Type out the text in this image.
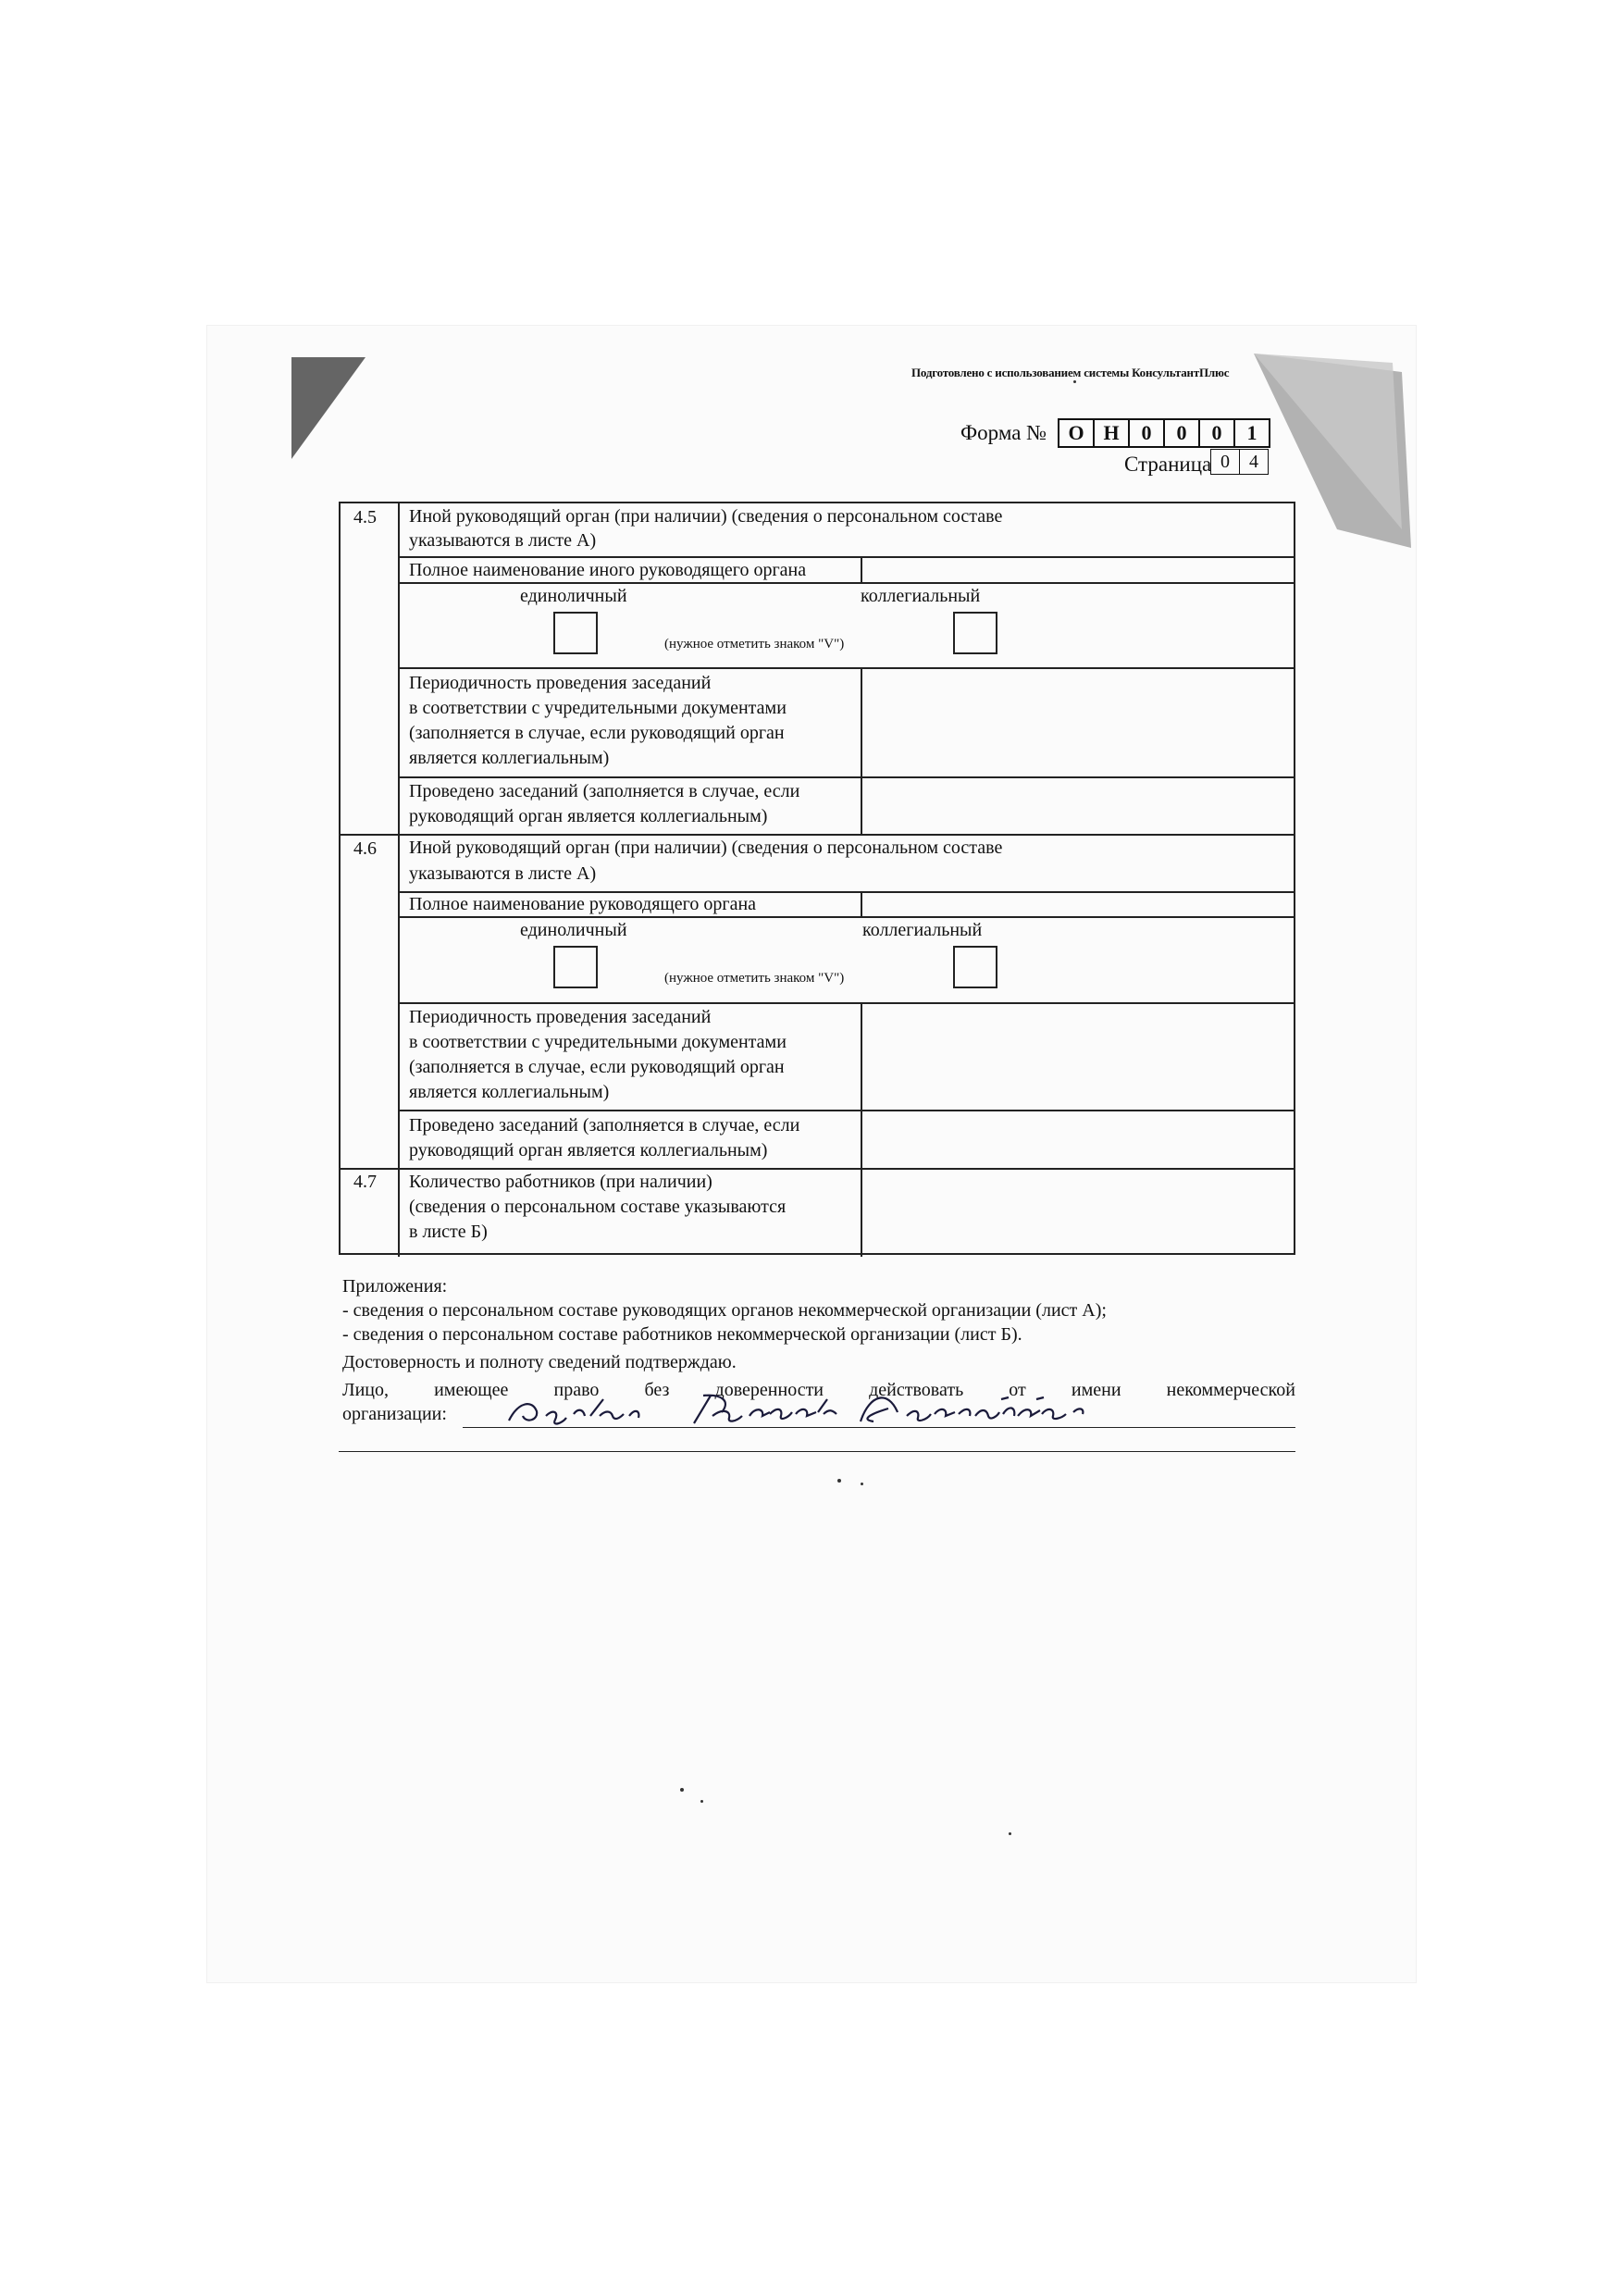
Подготовлено с использованием системы КонсультантПлюс
Форма №	О Н	0	0	0	1
Страница 0	4
4.5 Иной руководящий орган (при наличии) (сведения о персональном составе
указываются в листе А)
Полное наименование иного руководящего органа
единоличный	коллегиальный
(нужное отметить знаком "V")
Периодичность проведения заседаний
в соответствии с учредительными документами
(заполняется в случае, если руководящий орган
является коллегиальным)
Проведено заседаний (заполняется в случае, если
руководящий орган является коллегиальным)
4.6 Иной руководящий орган (при наличии) (сведения о персональном составе
указываются в листе А)
Полное наименование руководящего органа
единоличный	коллегиальный
(нужное отметить знаком "V")
Периодичность проведения заседаний
в соответствии с учредительными документами
(заполняется в случае, если руководящий орган
является коллегиальным)
Проведено заседаний (заполняется в случае, если
руководящий орган является коллегиальным)
4.7 Количество работников (при наличии)
(сведения о персональном составе указываются
в листе Б)
Приложения:
- сведения о персональном составе руководящих органов некоммерческой организации (лист А);
- сведения о персональном составе работников некоммерческой организации (лист Б).
Достоверность и полноту сведений подтверждаю.
Лицо, имеющее право без доверенности действовать от имени некоммерческой
организации:
